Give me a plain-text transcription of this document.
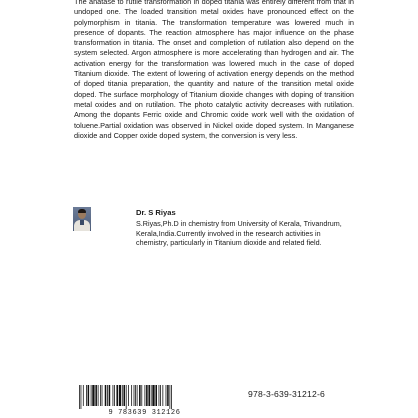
The anatase to rutile transformation in doped titania was entirely different from that in undoped one. The loaded transition metal oxides have pronounced effect on the polymorphism in titania. The transformation temperature was lowered much in presence of dopants. The reaction atmosphere has major influence on the phase transformation in titania. The onset and completion of rutilation also depend on the system selected. Argon atmosphere is more accelerating than hydrogen and air. The activation energy for the transformation was lowered much in the case of doped Titanium dioxide. The extent of lowering of activation energy depends on the method of doped titania preparation, the quantity and nature of the transition metal oxide doped. The surface morphology of Titanium dioxide changes with doping of transition metal oxides and on rutilation. The photo catalytic activity decreases with rutilation. Among the dopants Ferric oxide and Chromic oxide work well with the oxidation of toluene.Partial oxidation was observed in Nickel oxide doped system. In Manganese dioxide and Copper oxide doped system, the conversion is very less.
Dr. S Riyas
S.Riyas,Ph.D in chemistry from University of Kerala, Trivandrum, Kerala,India.Currently involved in the research activities in chemistry, particularly in Titanium dioxide and related field.
9 783639 312126
978-3-639-31212-6
